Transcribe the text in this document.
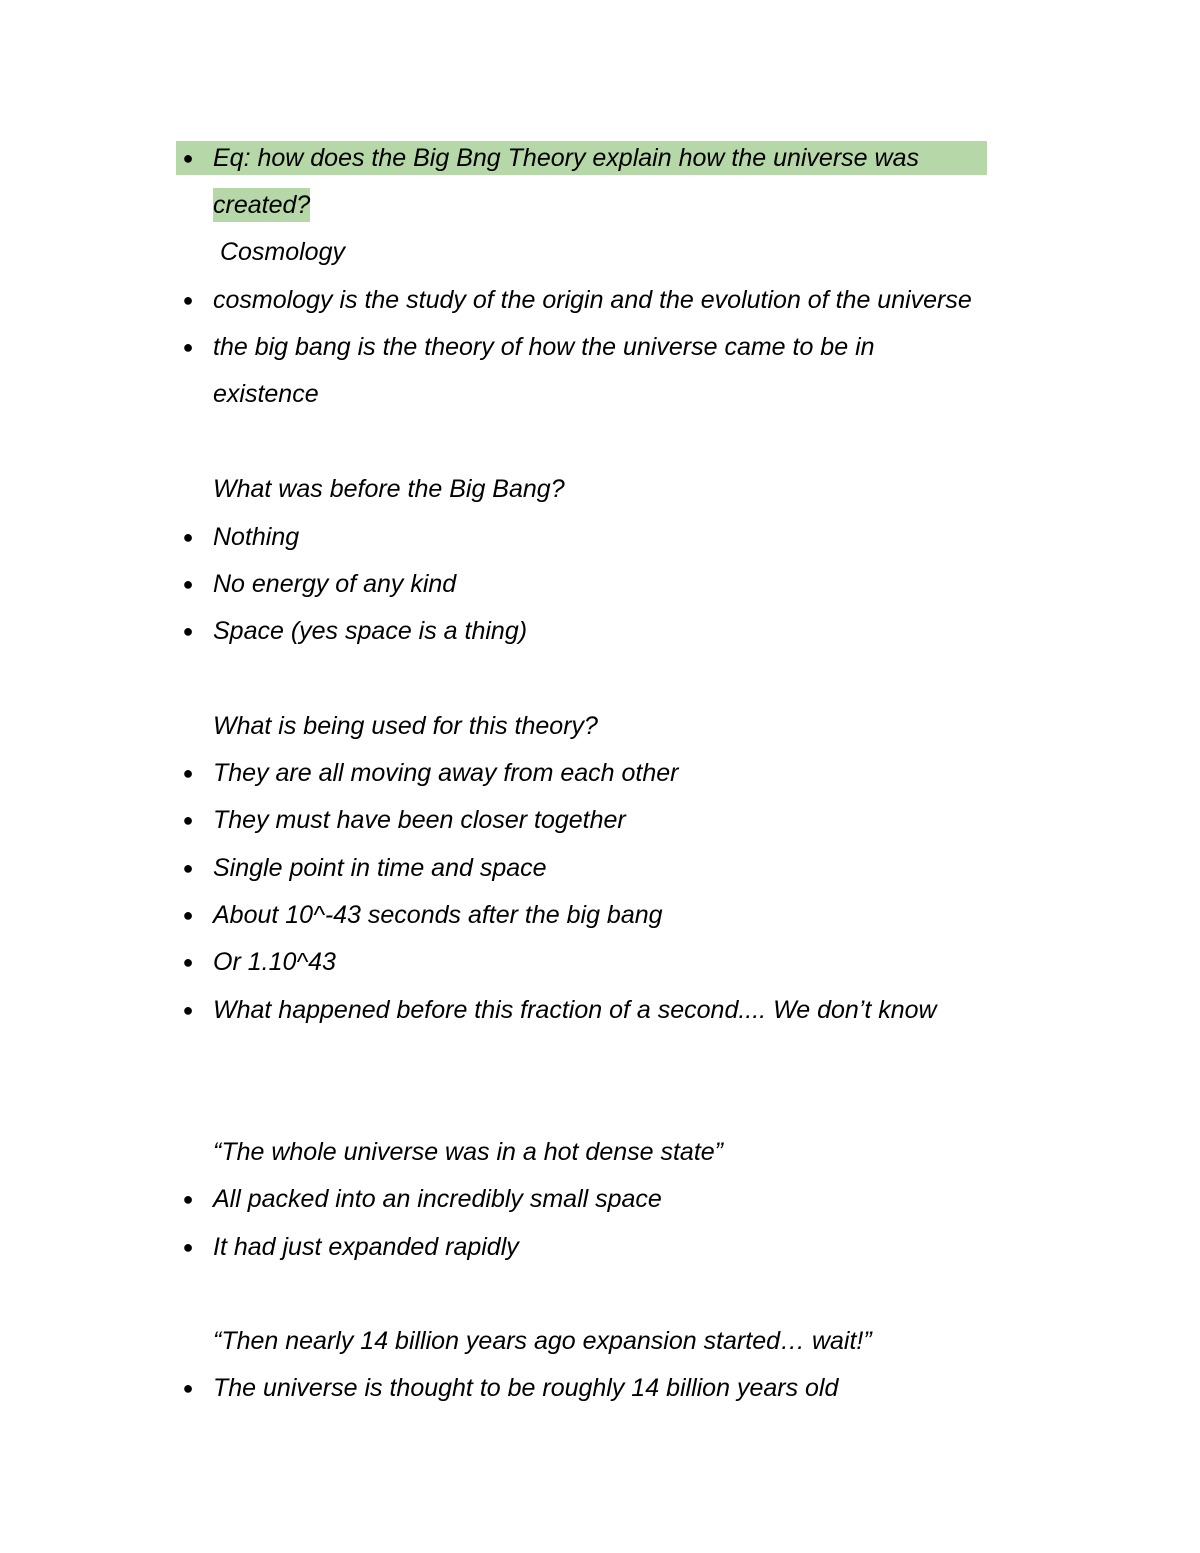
● Eq: how does the Big Bng Theory explain how the universe was
created?
Cosmology
● cosmology is the study of the origin and the evolution of the universe
● the big bang is the theory of how the universe came to be in
existence
What was before the Big Bang?
● Nothing
● No energy of any kind
● Space (yes space is a thing)
What is being used for this theory?
● They are all moving away from each other
● They must have been closer together
● Single point in time and space
● About 10^-43 seconds after the big bang
● Or 1.10^43
● What happened before this fraction of a second.... We don’t know
“The whole universe was in a hot dense state”
● All packed into an incredibly small space
● It had just expanded rapidly
“Then nearly 14 billion years ago expansion started… wait!”
● The universe is thought to be roughly 14 billion years old
